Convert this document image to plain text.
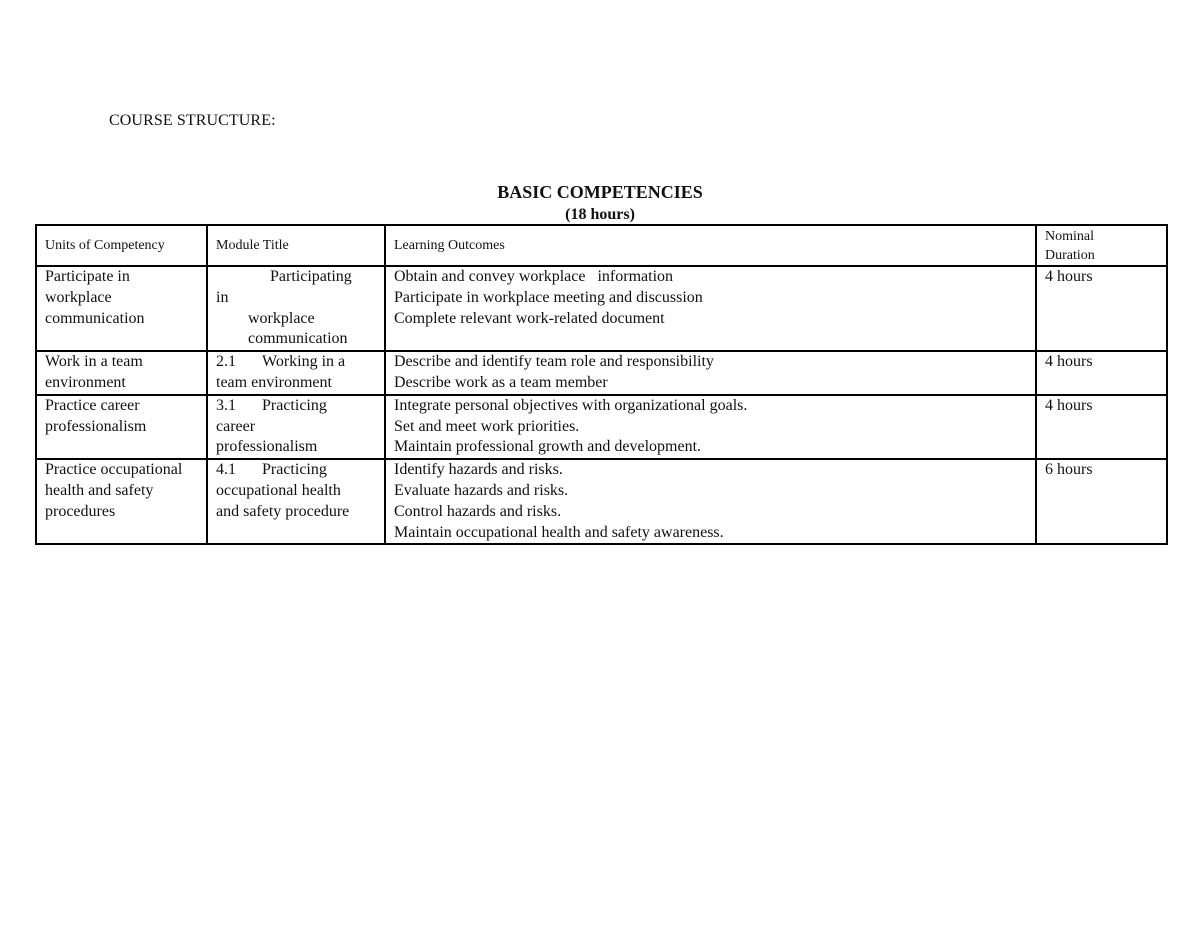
COURSE STRUCTURE:
BASIC COMPETENCIES
(18 hours)
Units of Competency	Module Title	Learning Outcomes	Nominal
Duration

Participate in workplace communication	Participating
in
workplace
communication	Obtain and convey workplace   information
Participate in workplace meeting and discussion
Complete relevant work-related document	4 hours
Work in a team environment	2.1 Working in a
team environment	Describe and identify team role and responsibility
Describe work as a team member	4 hours
Practice career professionalism	3.1 Practicing
career
professionalism	Integrate personal objectives with organizational goals.
Set and meet work priorities.
Maintain professional growth and development.	4 hours
Practice occupational health and safety procedures	4.1 Practicing
occupational health
and safety procedure	Identify hazards and risks.
Evaluate hazards and risks.
Control hazards and risks.
Maintain occupational health and safety awareness.	6 hours
